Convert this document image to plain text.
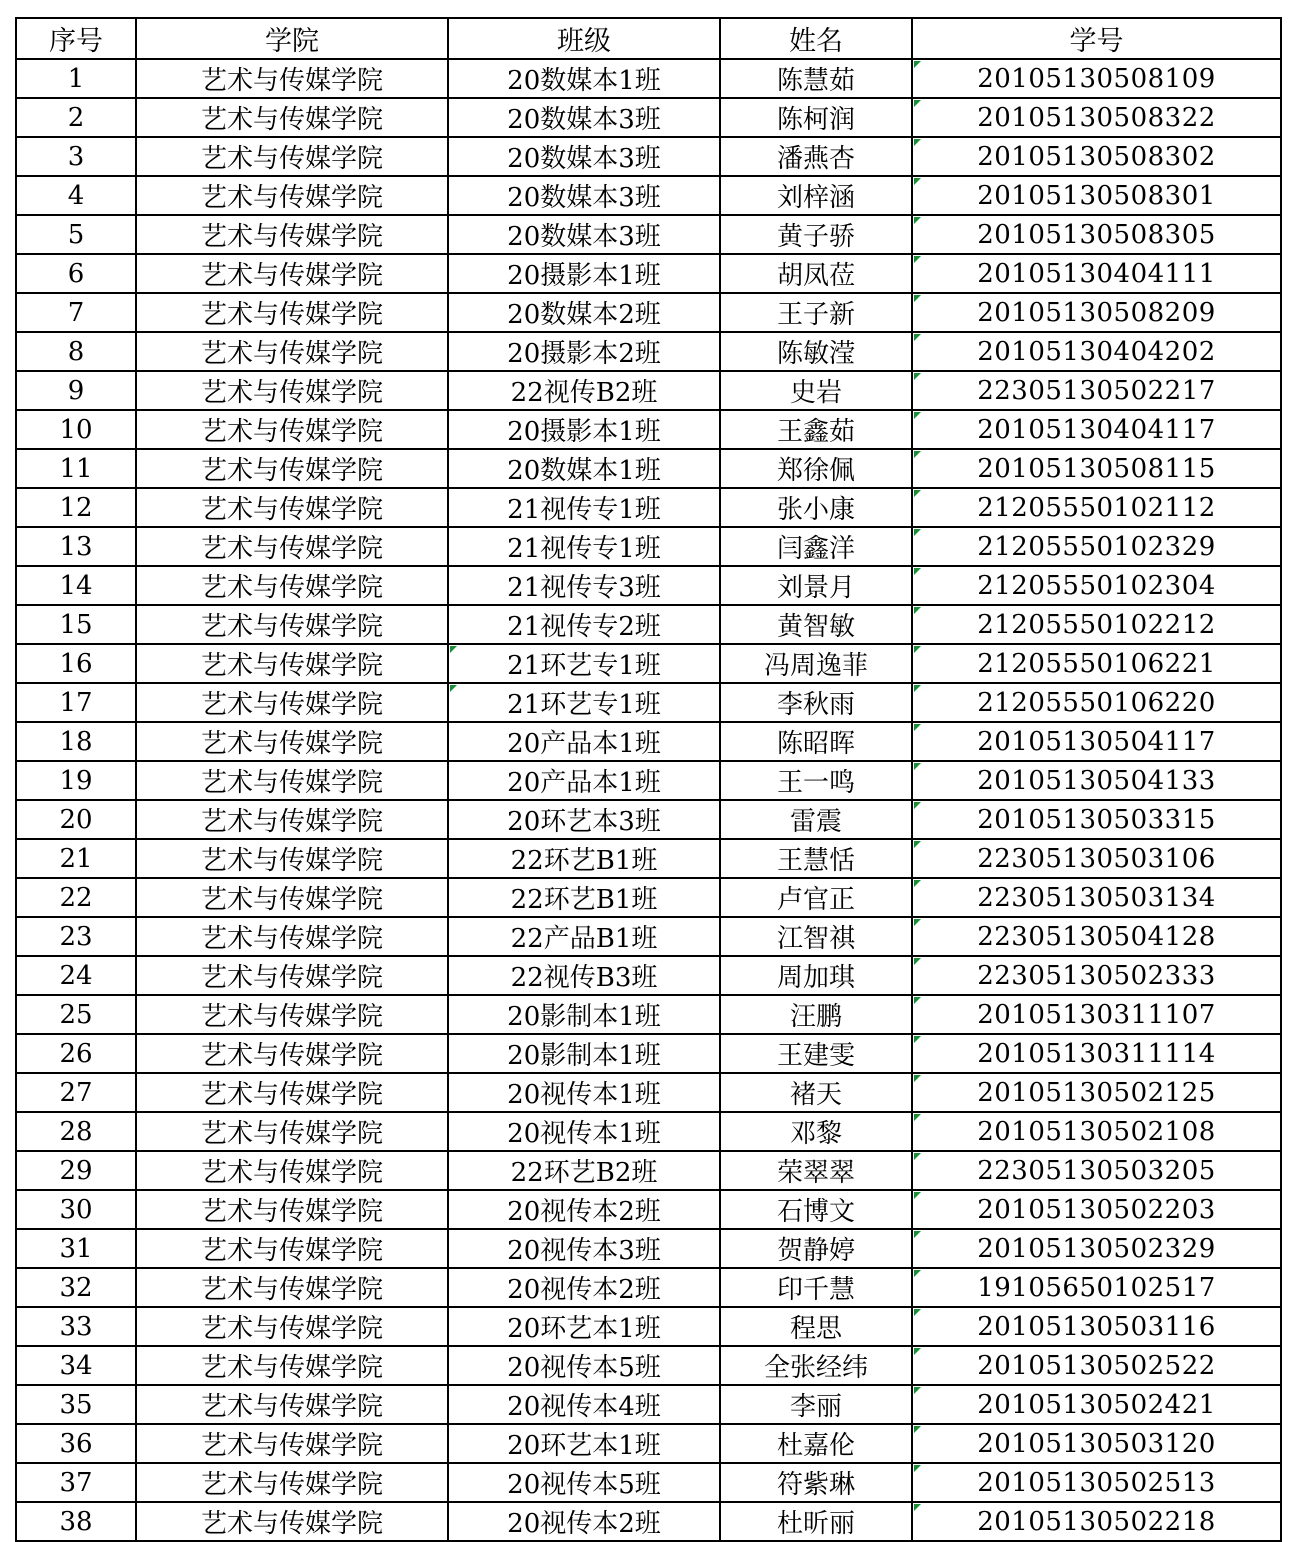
序号	学院	班级	姓名	学号
1	艺术与传媒学院	20数媒本1班	陈慧茹	20105130508109
2	艺术与传媒学院	20数媒本3班	陈柯润	20105130508322
3	艺术与传媒学院	20数媒本3班	潘燕杏	20105130508302
4	艺术与传媒学院	20数媒本3班	刘梓涵	20105130508301
5	艺术与传媒学院	20数媒本3班	黄子骄	20105130508305
6	艺术与传媒学院	20摄影本1班	胡凤莅	20105130404111
7	艺术与传媒学院	20数媒本2班	王子新	20105130508209
8	艺术与传媒学院	20摄影本2班	陈敏滢	20105130404202
9	艺术与传媒学院	22视传B2班	史岩	22305130502217
10	艺术与传媒学院	20摄影本1班	王鑫茹	20105130404117
11	艺术与传媒学院	20数媒本1班	郑徐佩	20105130508115
12	艺术与传媒学院	21视传专1班	张小康	21205550102112
13	艺术与传媒学院	21视传专1班	闫鑫洋	21205550102329
14	艺术与传媒学院	21视传专3班	刘景月	21205550102304
15	艺术与传媒学院	21视传专2班	黄智敏	21205550102212
16	艺术与传媒学院	21环艺专1班	冯周逸菲	21205550106221
17	艺术与传媒学院	21环艺专1班	李秋雨	21205550106220
18	艺术与传媒学院	20产品本1班	陈昭晖	20105130504117
19	艺术与传媒学院	20产品本1班	王一鸣	20105130504133
20	艺术与传媒学院	20环艺本3班	雷震	20105130503315
21	艺术与传媒学院	22环艺B1班	王慧恬	22305130503106
22	艺术与传媒学院	22环艺B1班	卢官正	22305130503134
23	艺术与传媒学院	22产品B1班	江智祺	22305130504128
24	艺术与传媒学院	22视传B3班	周加琪	22305130502333
25	艺术与传媒学院	20影制本1班	汪鹏	20105130311107
26	艺术与传媒学院	20影制本1班	王建雯	20105130311114
27	艺术与传媒学院	20视传本1班	褚天	20105130502125
28	艺术与传媒学院	20视传本1班	邓黎	20105130502108
29	艺术与传媒学院	22环艺B2班	荣翠翠	22305130503205
30	艺术与传媒学院	20视传本2班	石博文	20105130502203
31	艺术与传媒学院	20视传本3班	贺静婷	20105130502329
32	艺术与传媒学院	20视传本2班	印千慧	19105650102517
33	艺术与传媒学院	20环艺本1班	程思	20105130503116
34	艺术与传媒学院	20视传本5班	全张经纬	20105130502522
35	艺术与传媒学院	20视传本4班	李丽	20105130502421
36	艺术与传媒学院	20环艺本1班	杜嘉伦	20105130503120
37	艺术与传媒学院	20视传本5班	符紫琳	20105130502513
38	艺术与传媒学院	20视传本2班	杜昕丽	20105130502218
